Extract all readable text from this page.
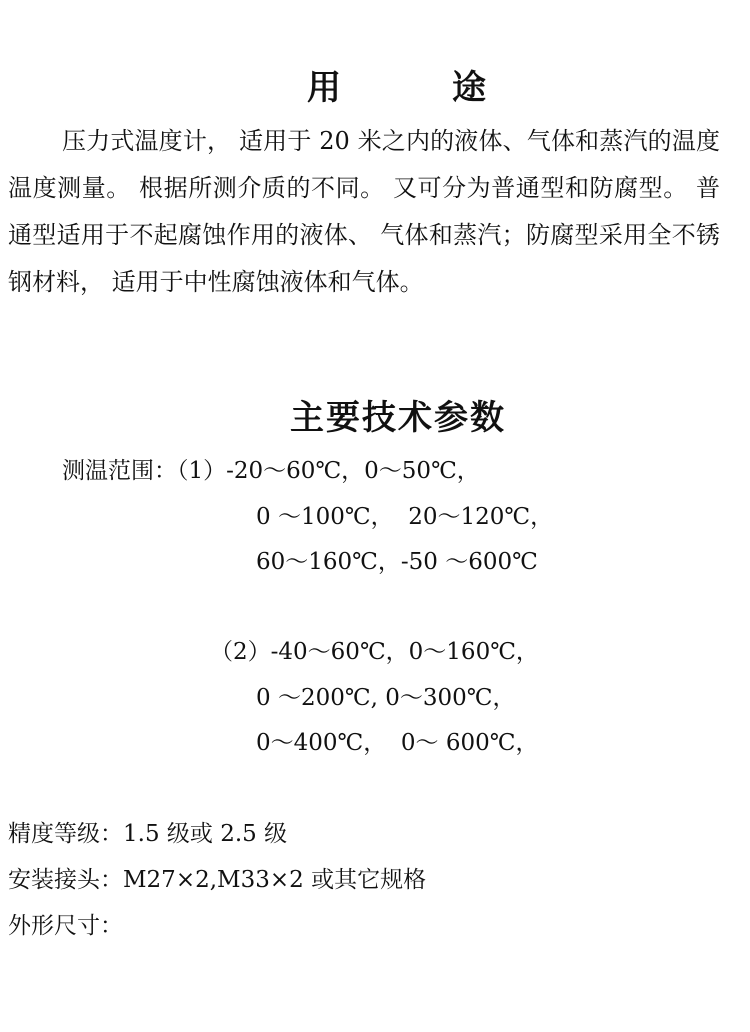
用	途

压力式温度计， 适用于 20 米之内的液体、气体和蒸汽的温度温度测量。 根据所测介质的不同。 又可分为普通型和防腐型。 普通型适用于不起腐蚀作用的液体、 气体和蒸汽；防腐型采用全不锈钢材料， 适用于中性腐蚀液体和气体。

主要技术参数
测温范围：（1）-20～60℃，0～50℃，
0 ～100℃，  20～120℃，
60～160℃，-50 ～600℃
（2）-40～60℃，0～160℃，
0 ～200℃, 0～300℃，
0～400℃，  0～ 600℃，
精度等级：1.5 级或 2.5 级
安装接头：M27×2,M33×2 或其它规格
外形尺寸：
